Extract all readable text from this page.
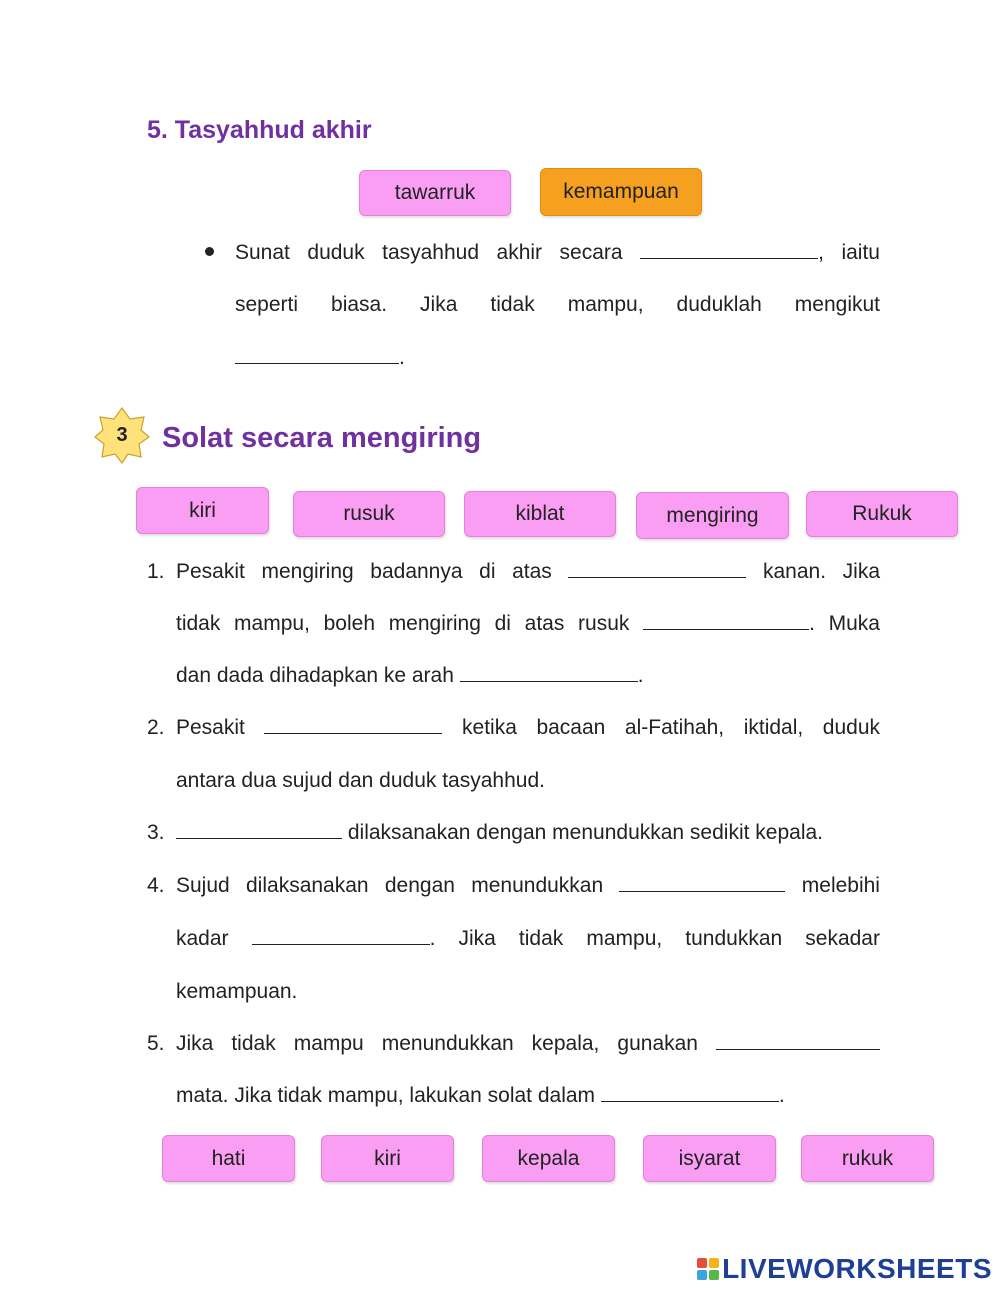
5. Tasyahhud akhir
tawarruk	kemampuan
Sunat duduk tasyahhud akhir secara	, iaitu
seperti biasa. Jika tidak mampu, duduklah mengikut
.
3	Solat secara mengiring
kiri	rusuk	kiblat	mengiring	Rukuk
1. Pesakit mengiring badannya di atas	kanan. Jika
tidak mampu, boleh mengiring di atas rusuk	. Muka
dan dada dihadapkan ke arah	.
2. Pesakit	ketika bacaan al-Fatihah, iktidal, duduk
antara dua sujud dan duduk tasyahhud.
3.	dilaksanakan dengan menundukkan sedikit kepala.
4. Sujud dilaksanakan dengan menundukkan	melebihi
kadar	. Jika tidak mampu, tundukkan sekadar
kemampuan.
5. Jika tidak mampu menundukkan kepala, gunakan
mata. Jika tidak mampu, lakukan solat dalam	.
hati	kiri	kepala	isyarat	rukuk
LIVEWORKSHEETS
